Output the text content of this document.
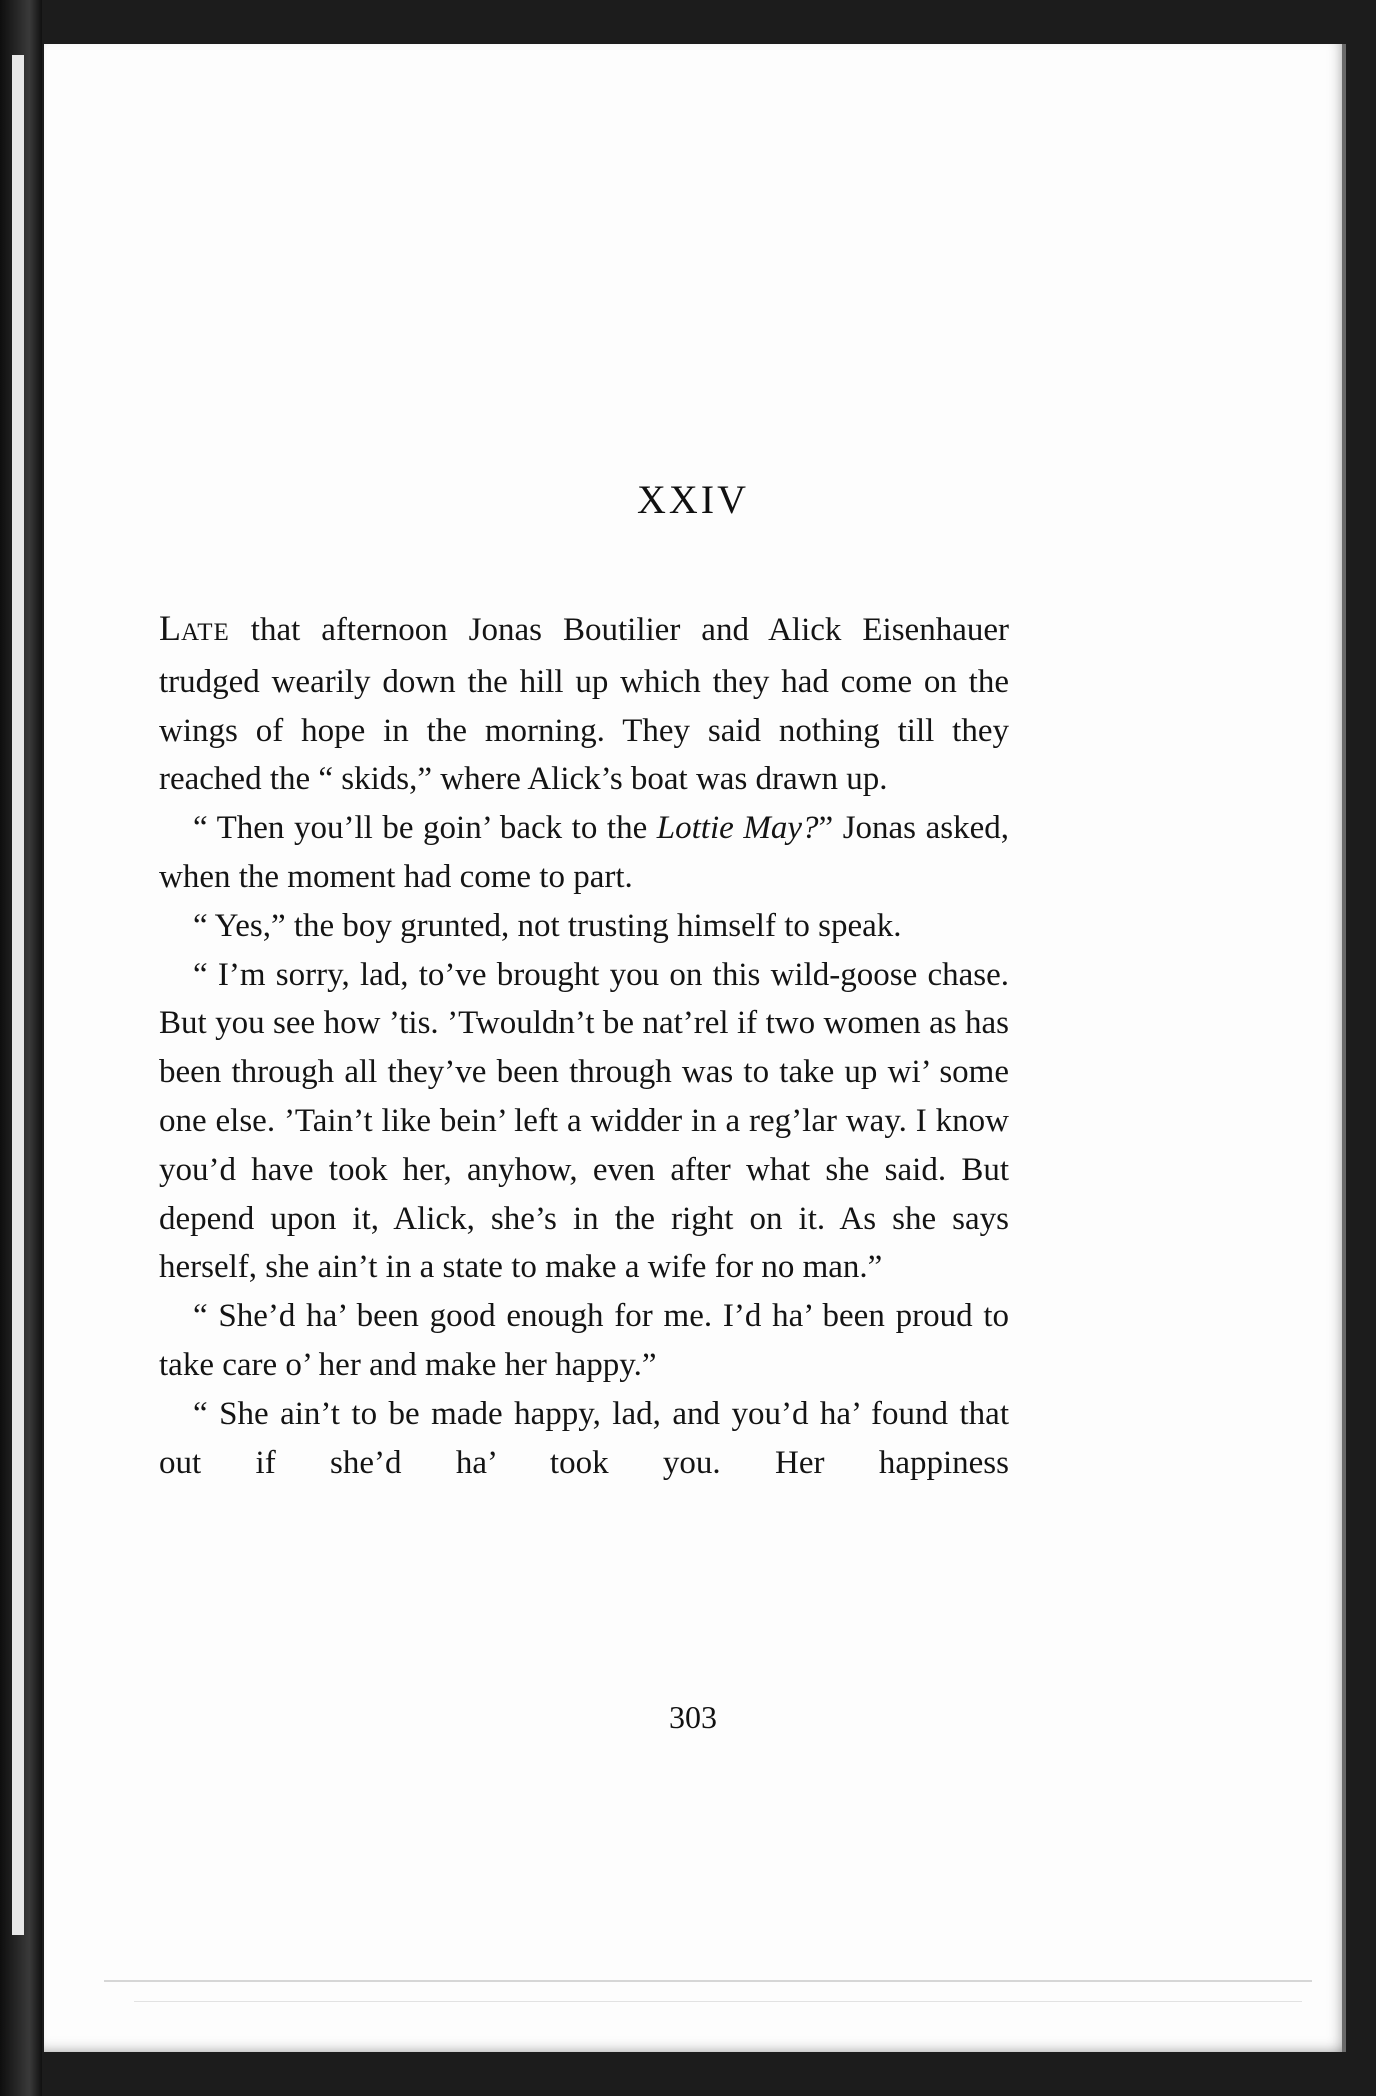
XXIV

LATE that afternoon Jonas Boutilier and Alick Eisenhauer trudged wearily down the hill up which they had come on the wings of hope in the morning. They said nothing till they reached the “ skids,” where Alick’s boat was drawn up.

“ Then you’ll be goin’ back to the Lottie May?” Jonas asked, when the moment had come to part.

“ Yes,” the boy grunted, not trusting himself to speak.

“ I’m sorry, lad, to’ve brought you on this wild-goose chase. But you see how ’tis. ’Twouldn’t be nat’rel if two women as has been through all they’ve been through was to take up wi’ some one else. ’Tain’t like bein’ left a widder in a reg’lar way. I know you’d have took her, anyhow, even after what she said. But depend upon it, Alick, she’s in the right on it. As she says herself, she ain’t in a state to make a wife for no man.”

“ She’d ha’ been good enough for me. I’d ha’ been proud to take care o’ her and make her happy.”

“ She ain’t to be made happy, lad, and you’d ha’ found that out if she’d ha’ took you. Her happiness

303
